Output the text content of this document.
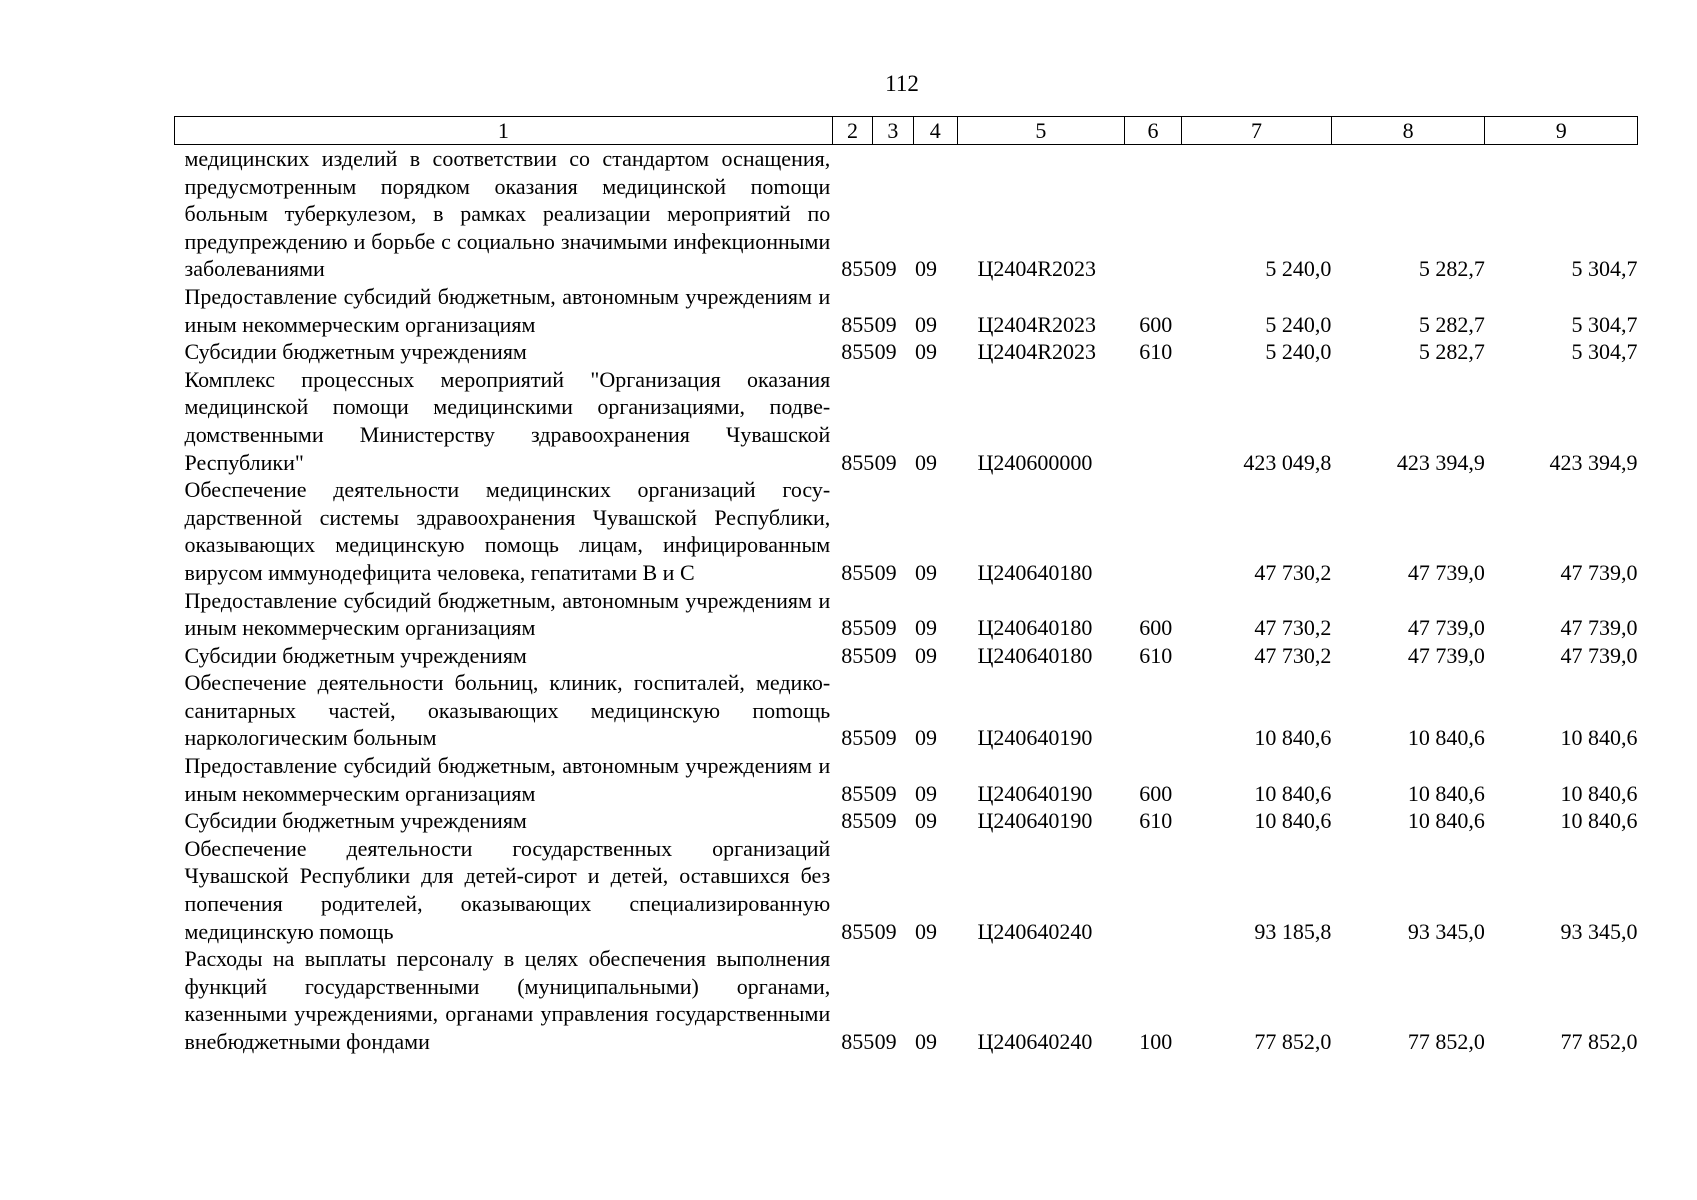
112
1	2	3	4	5	6	7	8	9
медицинских изделий в соответствии со стандартом оснащения, предусмотренным порядком оказания медицинской поmощи больным туберкулезом, в рамках реализации мероприятий по предупреждению и борьбе с социально значимыми инфекционными заболеваниями	855	09	09	Ц2404R2023		5 240,0	5 282,7	5 304,7
Предоставление субсидий бюджетным, автономным учреждениям и иным некоммерческим организациям	855	09	09	Ц2404R2023	600	5 240,0	5 282,7	5 304,7
Субсидии бюджетным учреждениям	855	09	09	Ц2404R2023	610	5 240,0	5 282,7	5 304,7
Комплекс процессных мероприятий "Организация оказания медицинской помощи медицинскими организациями, подведомственными Министерству здравоохранения Чувашской Республики"	855	09	09	Ц240600000		423 049,8	423 394,9	423 394,9
Обеспечение деятельности медицинских организаций государственной системы здравоохранения Чувашской Республики, оказывающих медицинскую помощь лицам, инфицированным вирусом иммунодефицита человека, гепатитами В и С	855	09	09	Ц240640180		47 730,2	47 739,0	47 739,0
Предоставление субсидий бюджетным, автономным учреждениям и иным некоммерческим организациям	855	09	09	Ц240640180	600	47 730,2	47 739,0	47 739,0
Субсидии бюджетным учреждениям	855	09	09	Ц240640180	610	47 730,2	47 739,0	47 739,0
Обеспечение деятельности больниц, клиник, госпиталей, медико-санитарных частей, оказывающих медицинскую поmощь наркологическим больным	855	09	09	Ц240640190		10 840,6	10 840,6	10 840,6
Предоставление субсидий бюджетным, автономным учреждениям и иным некоммерческим организациям	855	09	09	Ц240640190	600	10 840,6	10 840,6	10 840,6
Субсидии бюджетным учреждениям	855	09	09	Ц240640190	610	10 840,6	10 840,6	10 840,6
Обеспечение деятельности государственных организаций Чувашской Республики для детей-сирот и детей, оставшихся без попечения родителей, оказывающих специализированную медицинскую помощь	855	09	09	Ц240640240		93 185,8	93 345,0	93 345,0
Расходы на выплаты персоналу в целях обеспечения выполнения функций государственными (муниципальными) органами, казенными учреждениями, органами управления государственными внебюджетными фондами	855	09	09	Ц240640240	100	77 852,0	77 852,0	77 852,0
